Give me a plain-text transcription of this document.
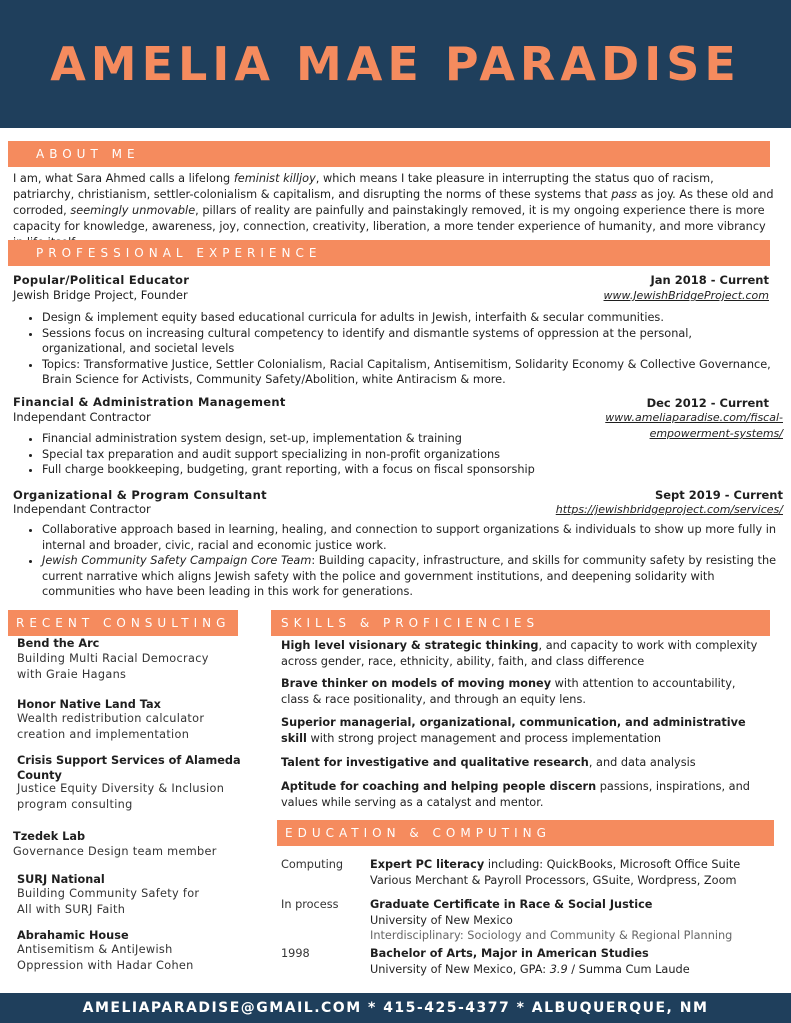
AMELIA MAE PARADISE
ABOUT ME
I am, what Sara Ahmed calls a lifelong feminist killjoy, which means I take pleasure in interrupting the status quo of racism, patriarchy, christianism, settler-colonialism & capitalism, and disrupting the norms of these systems that pass as joy. As these old and corroded, seemingly unmovable, pillars of reality are painfully and painstakingly removed, it is my ongoing experience there is more capacity for knowledge, awareness, joy, connection, creativity, liberation, a more tender experience of humanity, and more vibrancy
PROFESSIONAL EXPERIENCE
Popular/Political Educator
Jewish Bridge Project, Founder
Jan 2018 - Current
www.JewishBridgeProject.com
• Design & implement equity based educational curricula for adults in Jewish, interfaith & secular communities.
• Sessions focus on increasing cultural competency to identify and dismantle systems of oppression at the personal, organizational, and societal levels
• Topics: Transformative Justice, Settler Colonialism, Racial Capitalism, Antisemitism, Solidarity Economy & Collective Governance, Brain Science for Activists, Community Safety/Abolition, white Antiracism & more.
Financial & Administration Management
Independant Contractor
Dec 2012 - Current
www.ameliaparadise.com/fiscal-empowerment-systems/
• Financial administration system design, set-up, implementation & training
• Special tax preparation and audit support specializing in non-profit organizations
• Full charge bookkeeping, budgeting, grant reporting, with a focus on fiscal sponsorship
Organizational & Program Consultant
Independant Contractor
Sept 2019 - Current
https://jewishbridgeproject.com/services/
• Collaborative approach based in learning, healing, and connection to support organizations & individuals to show up more fully in internal and broader, civic, racial and economic justice work.
• Jewish Community Safety Campaign Core Team: Building capacity, infrastructure, and skills for community safety by resisting the current narrative which aligns Jewish safety with the police and government institutions, and deepening solidarity with communities who have been leading in this work for generations.
RECENT CONSULTING
Bend the Arc
Building Multi Racial Democracy with Graie Hagans
Honor Native Land Tax
Wealth redistribution calculator creation and implementation
Crisis Support Services of Alameda County
Justice Equity Diversity & Inclusion program consulting
Tzedek Lab
Governance Design team member
SURJ National
Building Community Safety for All with SURJ Faith
Abrahamic House
Antisemitism & AntiJewish Oppression with Hadar Cohen
SKILLS & PROFICIENCIES
High level visionary & strategic thinking, and capacity to work with complexity across gender, race, ethnicity, ability, faith, and class difference
Brave thinker on models of moving money with attention to accountability, class & race positionality, and through an equity lens.
Superior managerial, organizational, communication, and administrative skill with strong project management and process implementation
Talent for investigative and qualitative research, and data analysis
Aptitude for coaching and helping people discern passions, inspirations, and values while serving as a catalyst and mentor.
EDUCATION & COMPUTING
Computing Expert PC literacy including: QuickBooks, Microsoft Office Suite
Various Merchant & Payroll Processors, GSuite, Wordpress, Zoom
In process	Graduate Certificate in Race & Social Justice
University of New Mexico
Interdisciplinary: Sociology and Community & Regional Planning
1998	Bachelor of Arts, Major in American Studies
University of New Mexico, GPA: 3.9 / Summa Cum Laude
AMELIAPARADISE@GMAIL.COM * 415-425-4377 * ALBUQUERQUE, NM
